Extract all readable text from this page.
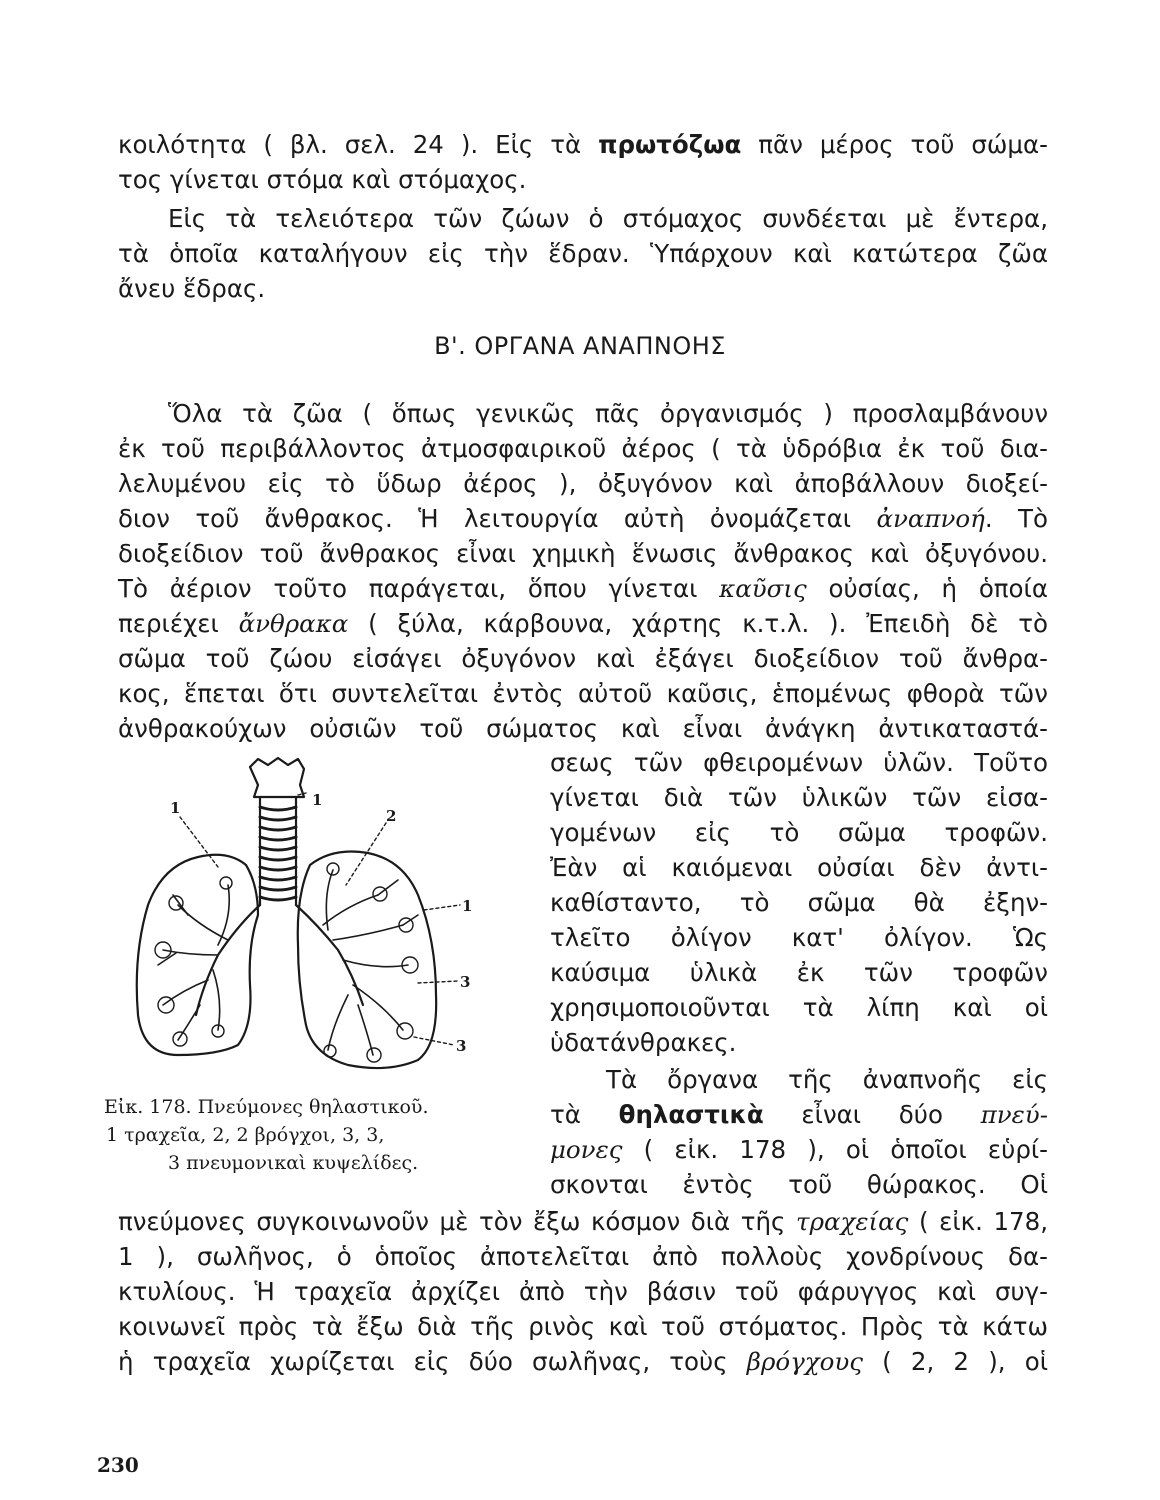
κοιλότητα ( βλ. σελ. 24 ). Εἰς τὰ πρωτόζωα πᾶν μέρος τοῦ σώμα-
τος γίνεται στόμα καὶ στόμαχος.
Εἰς τὰ τελειότερα τῶν ζώων ὁ στόμαχος συνδέεται μὲ ἔντερα,
τὰ ὁποῖα καταλήγουν εἰς τὴν ἕδραν. Ὑπάρχουν καὶ κατώτερα ζῶα
ἄνευ ἕδρας.
Β'. ΟΡΓΑΝΑ ΑΝΑΠΝΟΗΣ
Ὅλα τὰ ζῶα ( ὅπως γενικῶς πᾶς ὀργανισμός ) προσλαμβάνουν
ἐκ τοῦ περιβάλλοντος ἀτμοσφαιρικοῦ ἀέρος ( τὰ ὑδρόβια ἐκ τοῦ δια-
λελυμένου εἰς τὸ ὕδωρ ἀέρος ), ὀξυγόνον καὶ ἀποβάλλουν διοξεί-
διον τοῦ ἄνθρακος. Ἡ λειτουργία αὐτὴ ὀνομάζεται ἀναπνοή. Τὸ
διοξείδιον τοῦ ἄνθρακος εἶναι χημικὴ ἕνωσις ἄνθρακος καὶ ὀξυγόνου.
Τὸ ἀέριον τοῦτο παράγεται, ὅπου γίνεται καῦσις οὐσίας, ἡ ὁποία
περιέχει ἄνθρακα ( ξύλα, κάρβουνα, χάρτης κ.τ.λ. ). Ἐπειδὴ δὲ τὸ
σῶμα τοῦ ζώου εἰσάγει ὀξυγόνον καὶ ἐξάγει διοξείδιον τοῦ ἄνθρα-
κος, ἕπεται ὅτι συντελεῖται ἐντὸς αὐτοῦ καῦσις, ἑπομένως φθορὰ τῶν
ἀνθρακούχων οὐσιῶν τοῦ σώματος καὶ εἶναι ἀνάγκη ἀντικαταστά-
σεως τῶν φθειρομένων ὑλῶν. Τοῦτο
γίνεται διὰ τῶν ὑλικῶν τῶν εἰσα-
γομένων εἰς τὸ σῶμα τροφῶν.
Ἐὰν αἱ καιόμεναι οὐσίαι δὲν ἀντι-
καθίσταντο, τὸ σῶμα θὰ ἐξην-
τλεῖτο ὀλίγον κατ' ὀλίγον. Ὡς
καύσιμα ὑλικὰ ἐκ τῶν τροφῶν
χρησιμοποιοῦνται τὰ λίπη καὶ οἱ
ὑδατάνθρακες.
Τὰ ὄργανα τῆς ἀναπνοῆς εἰς
τὰ θηλαστικὰ εἶναι δύο πνεύ-
μονες ( εἰκ. 178 ), οἱ ὁποῖοι εὑρί-
σκονται ἐντὸς τοῦ θώρακος. Οἱ
πνεύμονες συγκοινωνοῦν μὲ τὸν ἔξω κόσμον διὰ τῆς τραχείας ( εἰκ. 178,
1 ), σωλῆνος, ὁ ὁποῖος ἀποτελεῖται ἀπὸ πολλοὺς χονδρίνους δα-
κτυλίους. Ἡ τραχεῖα ἀρχίζει ἀπὸ τὴν βάσιν τοῦ φάρυγγος καὶ συγ-
κοινωνεῖ πρὸς τὰ ἔξω διὰ τῆς ρινὸς καὶ τοῦ στόματος. Πρὸς τὰ κάτω
ἡ τραχεῖα χωρίζεται εἰς δύο σωλῆνας, τοὺς βρόγχους ( 2, 2 ), οἱ
1	1
2
1
3
3
Εἰκ. 178. Πνεύμονες θηλαστικοῦ.
1 τραχεῖα, 2, 2 βρόγχοι, 3, 3,
3 πνευμονικαὶ κυψελίδες.
230
